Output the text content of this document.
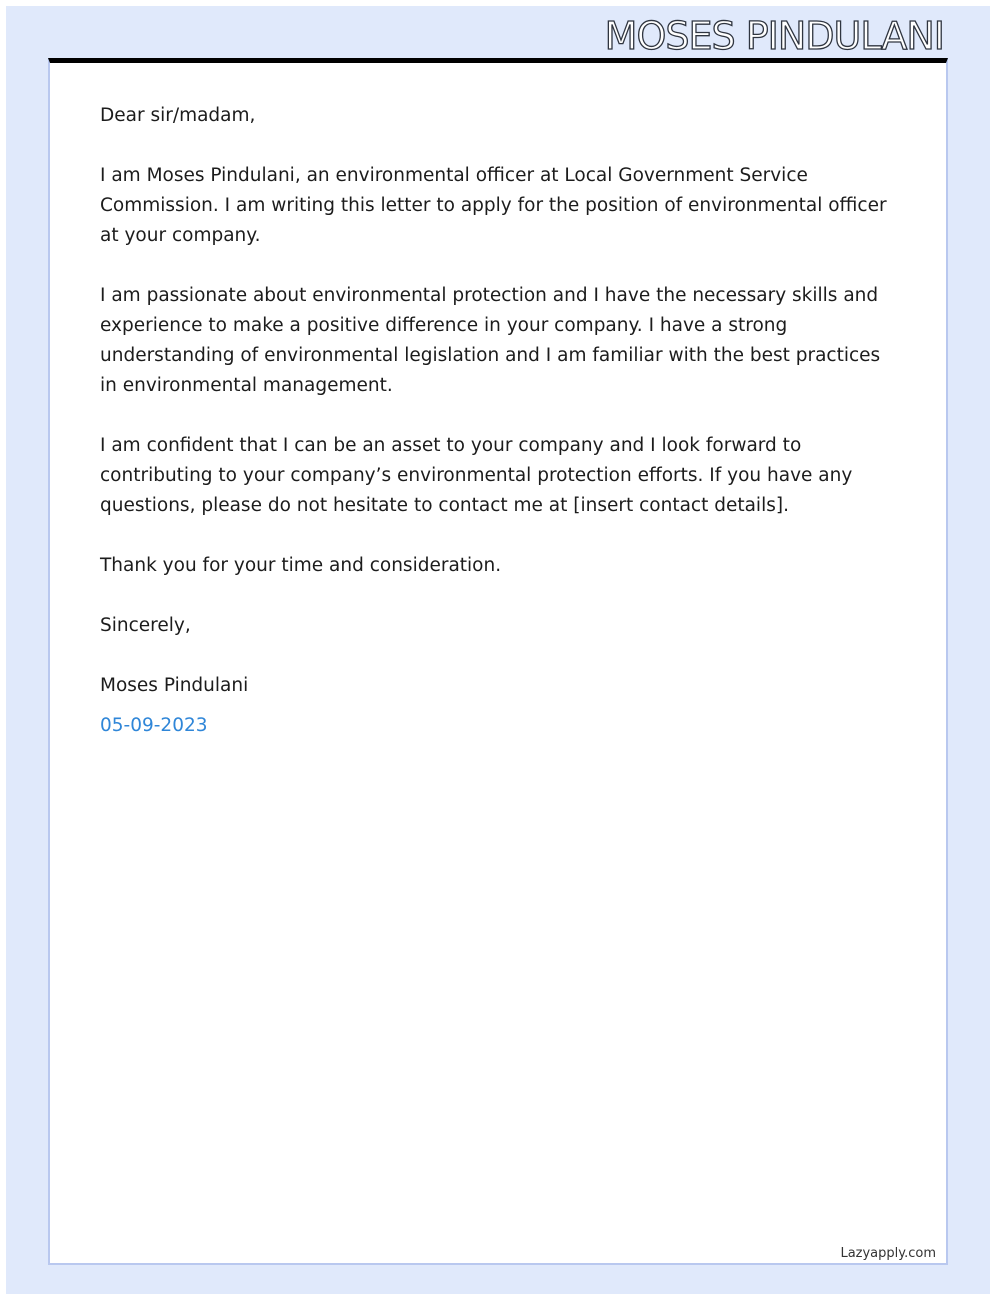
MOSES PINDULANI

Dear sir/madam,

I am Moses Pindulani, an environmental officer at Local Government Service Commission. I am writing this letter to apply for the position of environmental officer at your company.

I am passionate about environmental protection and I have the necessary skills and experience to make a positive difference in your company. I have a strong understanding of environmental legislation and I am familiar with the best practices in environmental management.

I am confident that I can be an asset to your company and I look forward to contributing to your company’s environmental protection efforts. If you have any questions, please do not hesitate to contact me at [insert contact details].

Thank you for your time and consideration.

Sincerely,

Moses Pindulani

05-09-2023

Lazyapply.com
